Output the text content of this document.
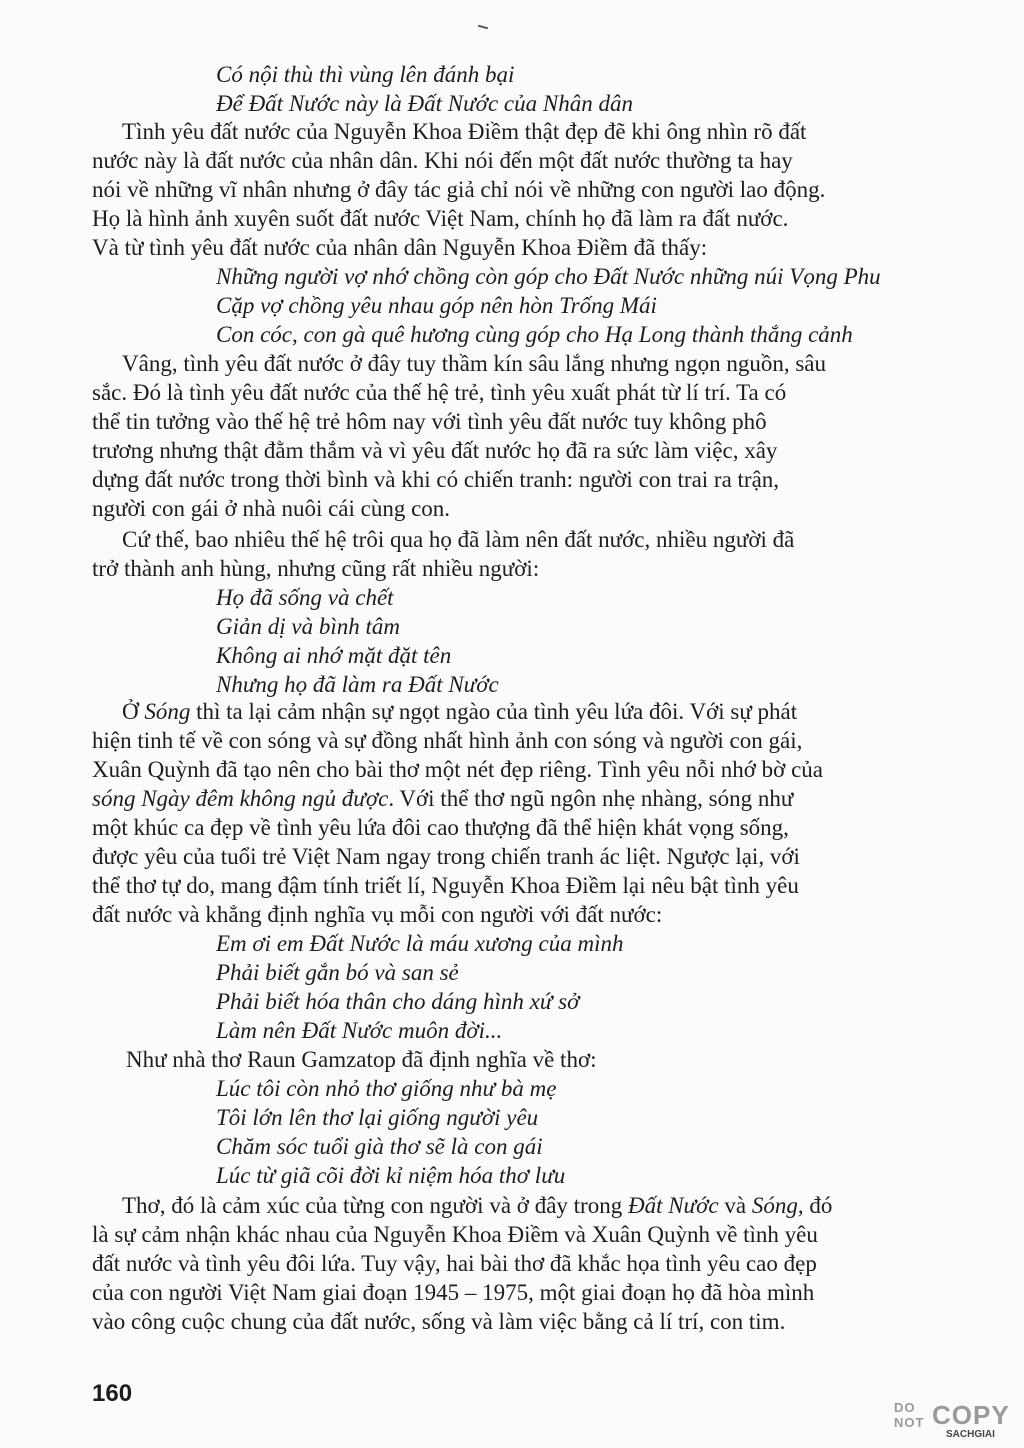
Có nội thù thì vùng lên đánh bại
Để Đất Nước này là Đất Nước của Nhân dân
Tình yêu đất nước của Nguyễn Khoa Điềm thật đẹp đẽ khi ông nhìn rõ đất
nước này là đất nước của nhân dân. Khi nói đến một đất nước thường ta hay
nói về những vĩ nhân nhưng ở đây tác giả chỉ nói về những con người lao động.
Họ là hình ảnh xuyên suốt đất nước Việt Nam, chính họ đã làm ra đất nước.
Và từ tình yêu đất nước của nhân dân Nguyễn Khoa Điềm đã thấy:
Những người vợ nhớ chồng còn góp cho Đất Nước những núi Vọng Phu
Cặp vợ chồng yêu nhau góp nên hòn Trống Mái
Con cóc, con gà quê hương cùng góp cho Hạ Long thành thắng cảnh
Vâng, tình yêu đất nước ở đây tuy thầm kín sâu lắng nhưng ngọn nguồn, sâu
sắc. Đó là tình yêu đất nước của thế hệ trẻ, tình yêu xuất phát từ lí trí. Ta có
thể tin tưởng vào thế hệ trẻ hôm nay với tình yêu đất nước tuy không phô
trương nhưng thật đằm thắm và vì yêu đất nước họ đã ra sức làm việc, xây
dựng đất nước trong thời bình và khi có chiến tranh: người con trai ra trận,
người con gái ở nhà nuôi cái cùng con.
Cứ thế, bao nhiêu thế hệ trôi qua họ đã làm nên đất nước, nhiều người đã
trở thành anh hùng, nhưng cũng rất nhiều người:
Họ đã sống và chết
Giản dị và bình tâm
Không ai nhớ mặt đặt tên
Nhưng họ đã làm ra Đất Nước
Ở Sóng thì ta lại cảm nhận sự ngọt ngào của tình yêu lứa đôi. Với sự phát
hiện tinh tế về con sóng và sự đồng nhất hình ảnh con sóng và người con gái,
Xuân Quỳnh đã tạo nên cho bài thơ một nét đẹp riêng. Tình yêu nỗi nhớ bờ của
sóng Ngày đêm không ngủ được. Với thể thơ ngũ ngôn nhẹ nhàng, sóng như
một khúc ca đẹp về tình yêu lứa đôi cao thượng đã thể hiện khát vọng sống,
được yêu của tuổi trẻ Việt Nam ngay trong chiến tranh ác liệt. Ngược lại, với
thể thơ tự do, mang đậm tính triết lí, Nguyễn Khoa Điềm lại nêu bật tình yêu
đất nước và khẳng định nghĩa vụ mỗi con người với đất nước:
Em ơi em Đất Nước là máu xương của mình
Phải biết gắn bó và san sẻ
Phải biết hóa thân cho dáng hình xứ sở
Làm nên Đất Nước muôn đời...
Như nhà thơ Raun Gamzatop đã định nghĩa về thơ:
Lúc tôi còn nhỏ thơ giống như bà mẹ
Tôi lớn lên thơ lại giống người yêu
Chăm sóc tuổi già thơ sẽ là con gái
Lúc từ giã cõi đời kỉ niệm hóa thơ lưu
Thơ, đó là cảm xúc của từng con người và ở đây trong Đất Nước và Sóng, đó
là sự cảm nhận khác nhau của Nguyễn Khoa Điềm và Xuân Quỳnh về tình yêu
đất nước và tình yêu đôi lứa. Tuy vậy, hai bài thơ đã khắc họa tình yêu cao đẹp
của con người Việt Nam giai đoạn 1945 – 1975, một giai đoạn họ đã hòa mình
vào công cuộc chung của đất nước, sống và làm việc bằng cả lí trí, con tim.
160
DO
NOT COPY
SACHGIAI
